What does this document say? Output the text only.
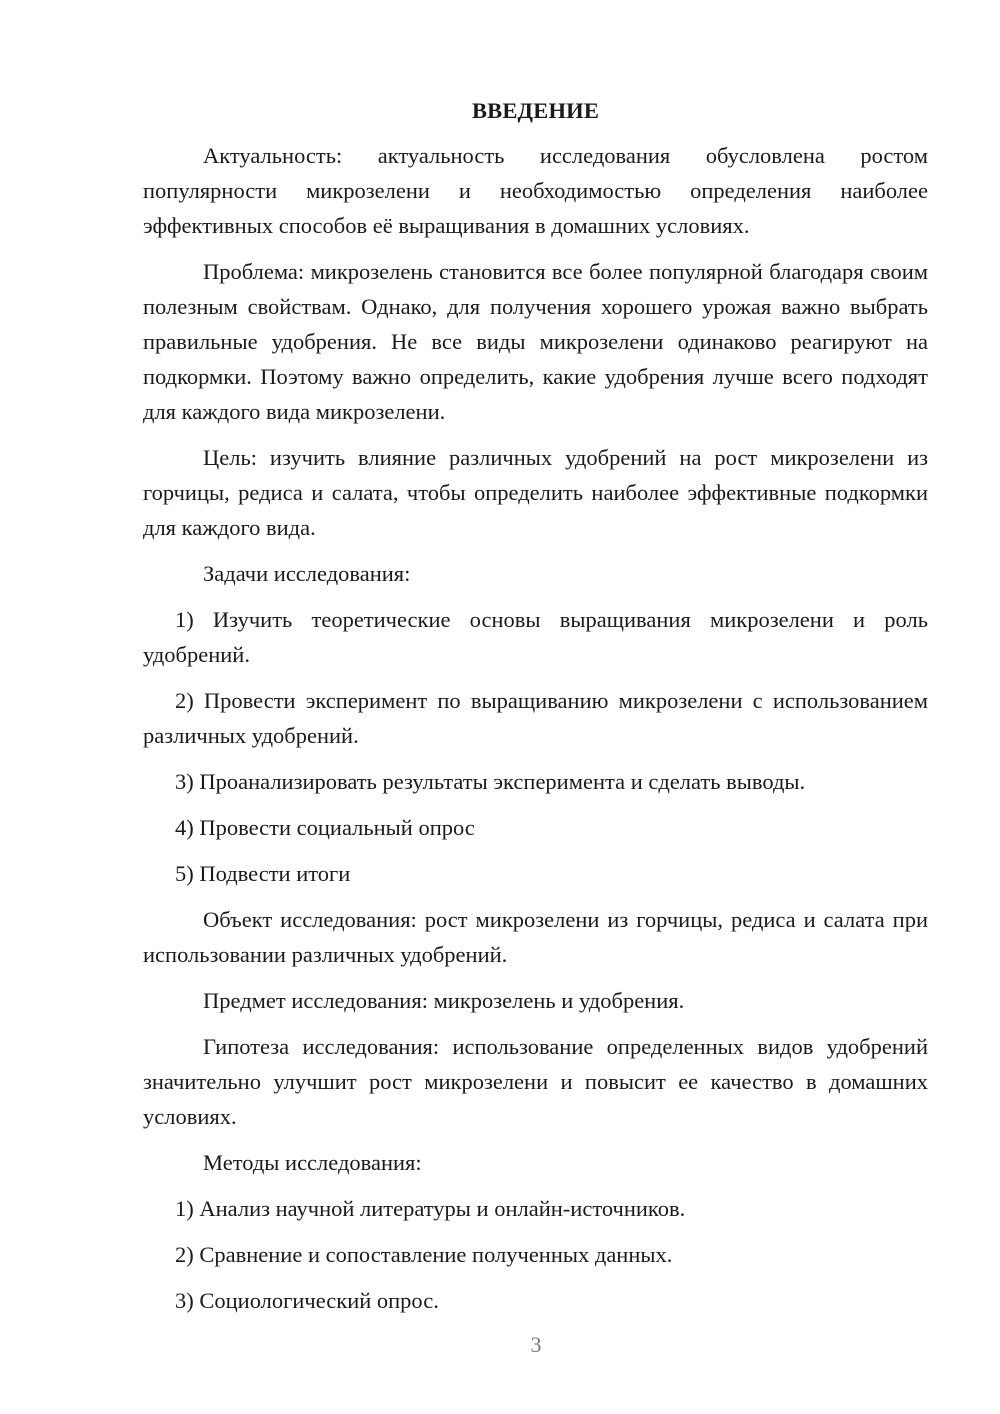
ВВЕДЕНИЕ

Актуальность: актуальность исследования обусловлена ростом популярности микрозелени и необходимостью определения наиболее эффективных способов её выращивания в домашних условиях.

Проблема: микрозелень становится все более популярной благодаря своим полезным свойствам. Однако, для получения хорошего урожая важно выбрать правильные удобрения. Не все виды микрозелени одинаково реагируют на подкормки. Поэтому важно определить, какие удобрения лучше всего подходят для каждого вида микрозелени.

Цель: изучить влияние различных удобрений на рост микрозелени из горчицы, редиса и салата, чтобы определить наиболее эффективные подкормки для каждого вида.

Задачи исследования:

1) Изучить теоретические основы выращивания микрозелени и роль удобрений.

2) Провести эксперимент по выращиванию микрозелени с использованием различных удобрений.

3) Проанализировать результаты эксперимента и сделать выводы.

4) Провести социальный опрос

5) Подвести итоги

Объект исследования: рост микрозелени из горчицы, редиса и салата при использовании различных удобрений.

Предмет исследования: микрозелень и удобрения.

Гипотеза исследования: использование определенных видов удобрений значительно улучшит рост микрозелени и повысит ее качество в домашних условиях.

Методы исследования:

1) Анализ научной литературы и онлайн-источников.

2) Сравнение и сопоставление полученных данных.

3) Социологический опрос.

3
